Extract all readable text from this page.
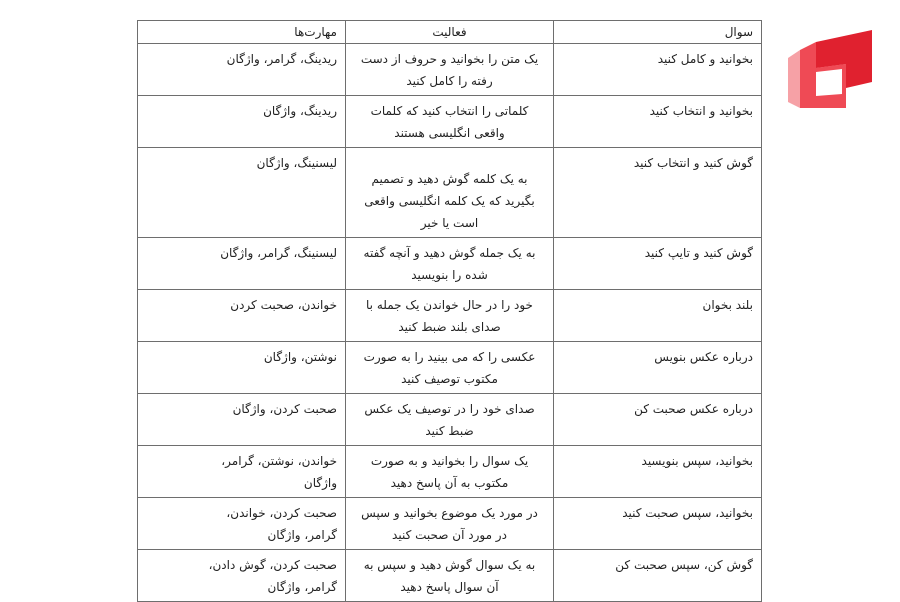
سوال	فعالیت	مهارت‌ها
بخوانید و کامل کنید	یک متن را بخوانید و حروف از دست رفته را کامل کنید	ریدینگ، گرامر، واژگان
بخوانید و انتخاب کنید	کلماتی را انتخاب کنید که کلمات واقعی انگلیسی هستند	ریدینگ، واژگان
گوش کنید و انتخاب کنید	به یک کلمه گوش دهید و تصمیم بگیرید که یک کلمه انگلیسی واقعی است یا خیر	لیسنینگ، واژگان
گوش کنید و تایپ کنید	به یک جمله گوش دهید و آنچه گفته شده را بنویسید	لیسنینگ، گرامر، واژگان
بلند بخوان	خود را در حال خواندن یک جمله با صدای بلند ضبط کنید	خواندن، صحبت کردن
درباره عکس بنویس	عکسی را که می بینید را به صورت مکتوب توصیف کنید	نوشتن، واژگان
درباره عکس صحبت کن	صدای خود را در توصیف یک عکس ضبط کنید	صحبت کردن، واژگان
بخوانید، سپس بنویسید	یک سوال را بخوانید و به صورت مکتوب به آن پاسخ دهید	خواندن، نوشتن، گرامر، واژگان
بخوانید، سپس صحبت کنید	در مورد یک موضوع بخوانید و سپس در مورد آن صحبت کنید	صحبت کردن، خواندن، گرامر، واژگان
گوش کن، سپس صحبت کن	به یک سوال گوش دهید و سپس به آن سوال پاسخ دهید	صحبت کردن، گوش دادن، گرامر، واژگان
